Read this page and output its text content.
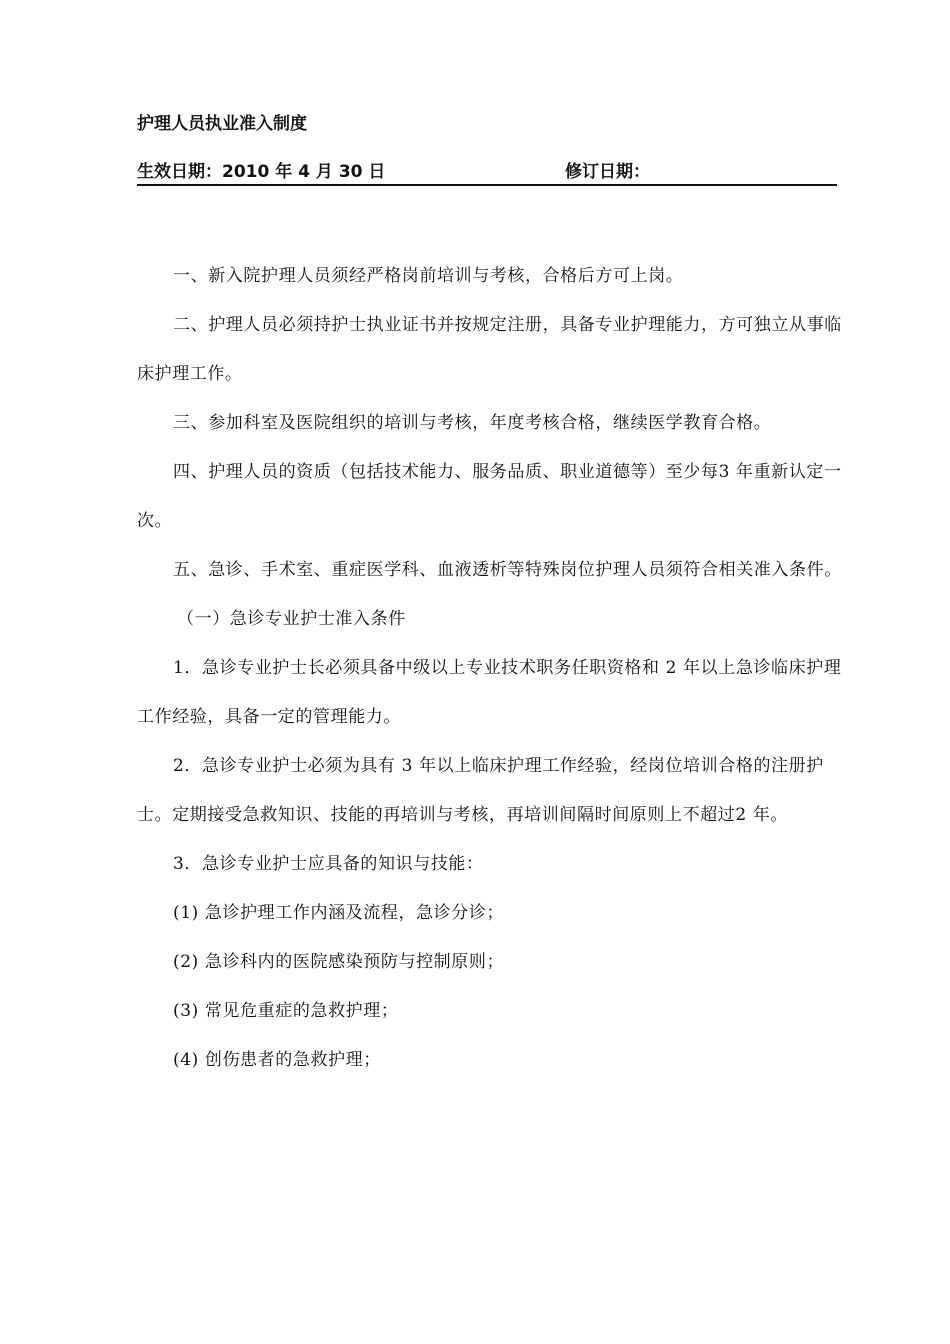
护理人员执业准入制度
生效日期：2010 年 4 月 30 日	修订日期：

一、新入院护理人员须经严格岗前培训与考核，合格后方可上岗。

二、护理人员必须持护士执业证书并按规定注册，具备专业护理能力，方可独立从事临床护理工作。

三、参加科室及医院组织的培训与考核，年度考核合格，继续医学教育合格。

四、护理人员的资质（包括技术能力、服务品质、职业道德等）至少每3 年重新认定一次。

五、急诊、手术室、重症医学科、血液透析等特殊岗位护理人员须符合相关准入条件。

（一）急诊专业护士准入条件

1．急诊专业护士长必须具备中级以上专业技术职务任职资格和 2 年以上急诊临床护理工作经验，具备一定的管理能力。

2．急诊专业护士必须为具有 3 年以上临床护理工作经验，经岗位培训合格的注册护士。定期接受急救知识、技能的再培训与考核，再培训间隔时间原则上不超过2 年。

3．急诊专业护士应具备的知识与技能：

(1) 急诊护理工作内涵及流程，急诊分诊；

(2) 急诊科内的医院感染预防与控制原则；

(3) 常见危重症的急救护理；

(4) 创伤患者的急救护理；
